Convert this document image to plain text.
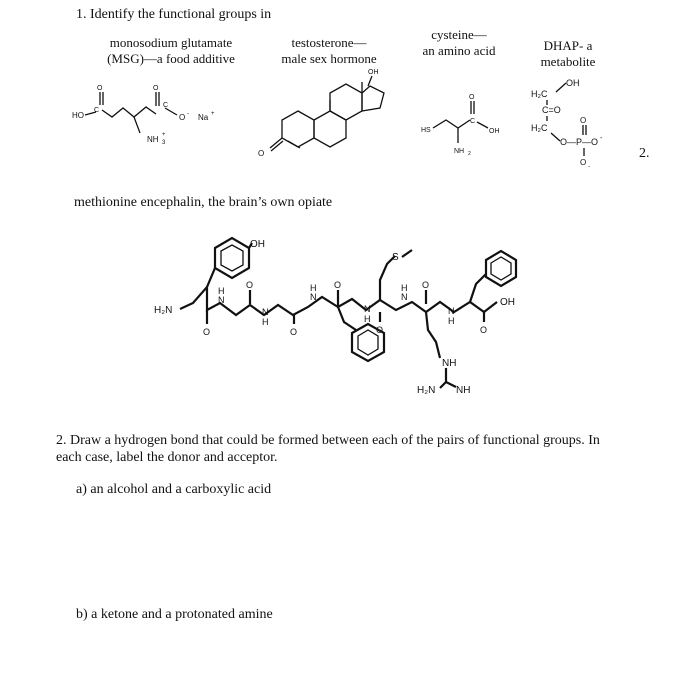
1. Identify the functional groups in
monosodium glutamate
(MSG)—a food additive
testosterone—
male sex hormone
cysteine—
an amino acid	DHAP- a
metabolite
2.
methionine encephalin, the brain’s own opiate
HO
C
O
NH 3
+
C
O
O - Na +
OH
O
HS
NH 2
C
O
OH
OH
H₂C
C=O
H₂C
O—P—O -
O
O -
OH
H₂N
O	O	O	O
O	O	O
N
H
N
H
N
H
N
H
N
H
N
H
OH
S
NH
H₂N NH
2. Draw a hydrogen bond that could be formed between each of the pairs of functional groups. In
each case, label the donor and acceptor.
a) an alcohol and a carboxylic acid
b) a ketone and a protonated amine
